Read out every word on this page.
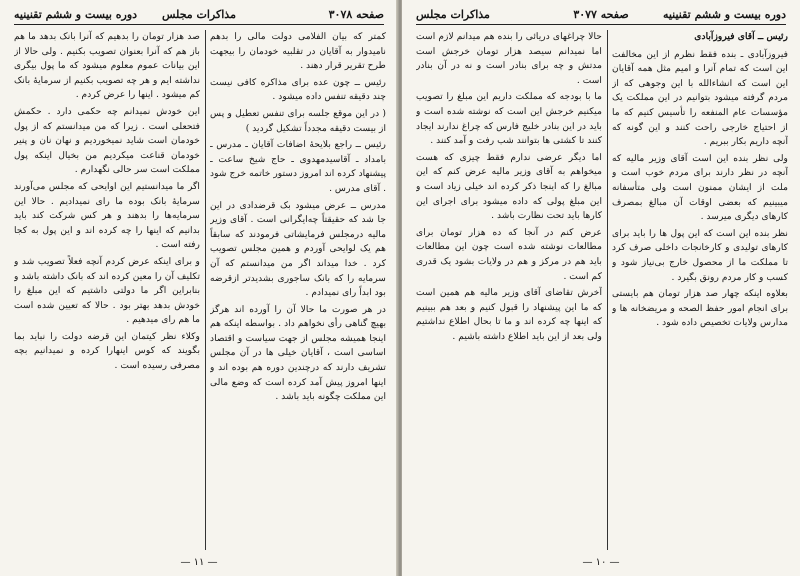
صفحه ٣٠٧٨
مذاکرات مجلس
دوره بیست و ششم‌ تقنینیه

کمتر که بیان الفلامی دولت مالی را بدهم نامیدوار به آقایان در تقلبیه خودمان را بیجهت طرح تقریر قرار دهند .

رئیس ــ چون عده برای مذاکره کافی نیست چند دقیقه تنفس داده میشود .

( در این موقع جلسه برای تنفس تعطیل و پس از بیست دقیقه مجدداً تشکیل گردید )

رئیس ــ راجع بلایحهٔ اضافات آقایان ـ مدرس ـ بامداد ـ آقاسیدمهدوی ـ حاج شیخ ساعت ـ پیشنهاد کرده اند امروز دستور خاتمه خرج شود . آقای مدرس .

مدرس ــ عرض میشود بک قرضدادی در این جا شد که حقیقتاً چه‌ایگرانی است . آقای وزیر مالیه درمجلس فرمایشاتی فرمودند که سابقاً هم یک لوایحی آوردم و همین مجلس تصویب کرد . خدا میداند اگر من میدانستم که آن سرمایه را که بانک ساجوری بشدیدتر ازقرضه بود ابداً رای نمیدادم .

در هر صورت ما حالا آن را آورده اند هرگز بهیچ گناهی رأی نخواهم داد . بواسطه اینکه هم اینجا همیشه مجلس از جهت سیاست و اقتصاد اساسی است ، آقایان خیلی ها در آن مجلس تشریف دارند که درچندین دوره هم بوده اند و اینها امروز پیش آمد کرده است که وضع مالی این مملکت چگونه باید باشد .

صد هزار تومان را بدهیم که آنرا بانک بدهد ما هم باز هم که آنرا بعنوان تصویب بکنیم . ولی حالا از این بیانات عموم معلوم میشود که ما پول بیگری نداشته ایم و هر چه تصویب بکنیم از سرمایهٔ بانک کم میشود . اینها را عرض کردم .

این خودش نمیدانم چه حکمی دارد . حکمش فتحعلی است . زیرا که من میدانستم که از پول خودمان است شاید نمیخوردیم و نهان نان و پنیر خودمان قناعت میکردیم من بخیال اینکه پول مملکت است سر حالی نگهدارم .

اگر ما میدانستیم این اوایحی که مجلس می‌آورند سرمایهٔ بانک بوده ما رای نمیدادیم . حالا این سرمایه‌ها را بدهند و هر کس شرکت کند باید بدانیم که اینها را چه کرده اند و این پول به کجا رفته است .

و برای اینکه عرض کردم آنچه فعلاً تصویب شد و تکلیف آن را معین کرده اند که بانک داشته باشد و بنابراین اگر ما دولتی داشتیم که این مبلغ را خودش بدهد بهتر بود . حالا که تعیین شده است ما هم رای میدهیم .

وکلاء نظر کیتمان این قرضه دولت را نباید بما بگویند که کوس اینهارا کرده و نمیدانیم بچه مصرفی رسیده است .

— ١١ —
دوره بیست و ششم‌ تقنینیه
صفحه ٣٠٧٧
مذاکرات مجلس

رئیس ــ آقای فیروزآبادی

فیروزآبادی ـ بنده فقط نظرم از این مخالفت این است که تمام آنرا و امیم مثل همه آقایان این است که انشاءالله با این وجوهی که از مردم گرفته میشود بتوانیم در این مملکت یک مؤسسات عام المنفعه را تأسیس کنیم که ما از احتیاج خارجی راحت کنند و این گونه که آنچه داریم بکار ببریم .

ولی نظر بنده این است آقای وزیر مالیه که آنچه در نظر دارند برای مردم خوب است و ملت از ایشان ممنون است ولی متأسفانه میبینیم که بعضی اوقات آن مبالغ بمصرف کارهای دیگری میرسد .

نظر بنده این است که این پول ها را باید برای کارهای تولیدی و کارخانجات داخلی صرف کرد تا مملکت ما از محصول خارج بی‌نیاز شود و کسب و کار مردم رونق بگیرد .

بعلاوه اینکه چهار صد هزار تومان هم بایستی برای انجام امور حفظ الصحه و مریضخانه ها و مدارس ولایات تخصیص داده شود .

حالا چراغهای دریائی را بنده هم میدانم لازم است اما نمیدانم سیصد هزار تومان خرجش است مدتش و چه برای بنادر است و نه در آن بنادر است .

ما با بودجه که مملکت داریم این مبلغ را تصویب میکنیم خرجش این است که نوشته شده است و باید در این بنادر خلیج فارس که چراغ ندارند ایجاد کنند تا کشتی ها بتوانند شب رفت و آمد کنند .

اما دیگر عرضی ندارم فقط چیزی که هست میخواهم به آقای وزیر مالیه عرض کنم که این مبالغ را که اینجا ذکر کرده اند خیلی زیاد است و این مبلغ پولی که داده میشود برای اجرای این کارها باید تحت نظارت باشد .

عرض کنم در آنجا که ده هزار تومان برای مطالعات نوشته شده است چون این مطالعات باید هم در مرکز و هم در ولایات بشود یک قدری کم است .

آخرش تقاضای آقای وزیر مالیه هم همین است که ما این پیشنهاد را قبول کنیم و بعد هم ببینیم که اینها چه کرده اند و ما تا بحال اطلاع نداشتیم ولی بعد از این باید اطلاع داشته باشیم .

— ١٠ —
